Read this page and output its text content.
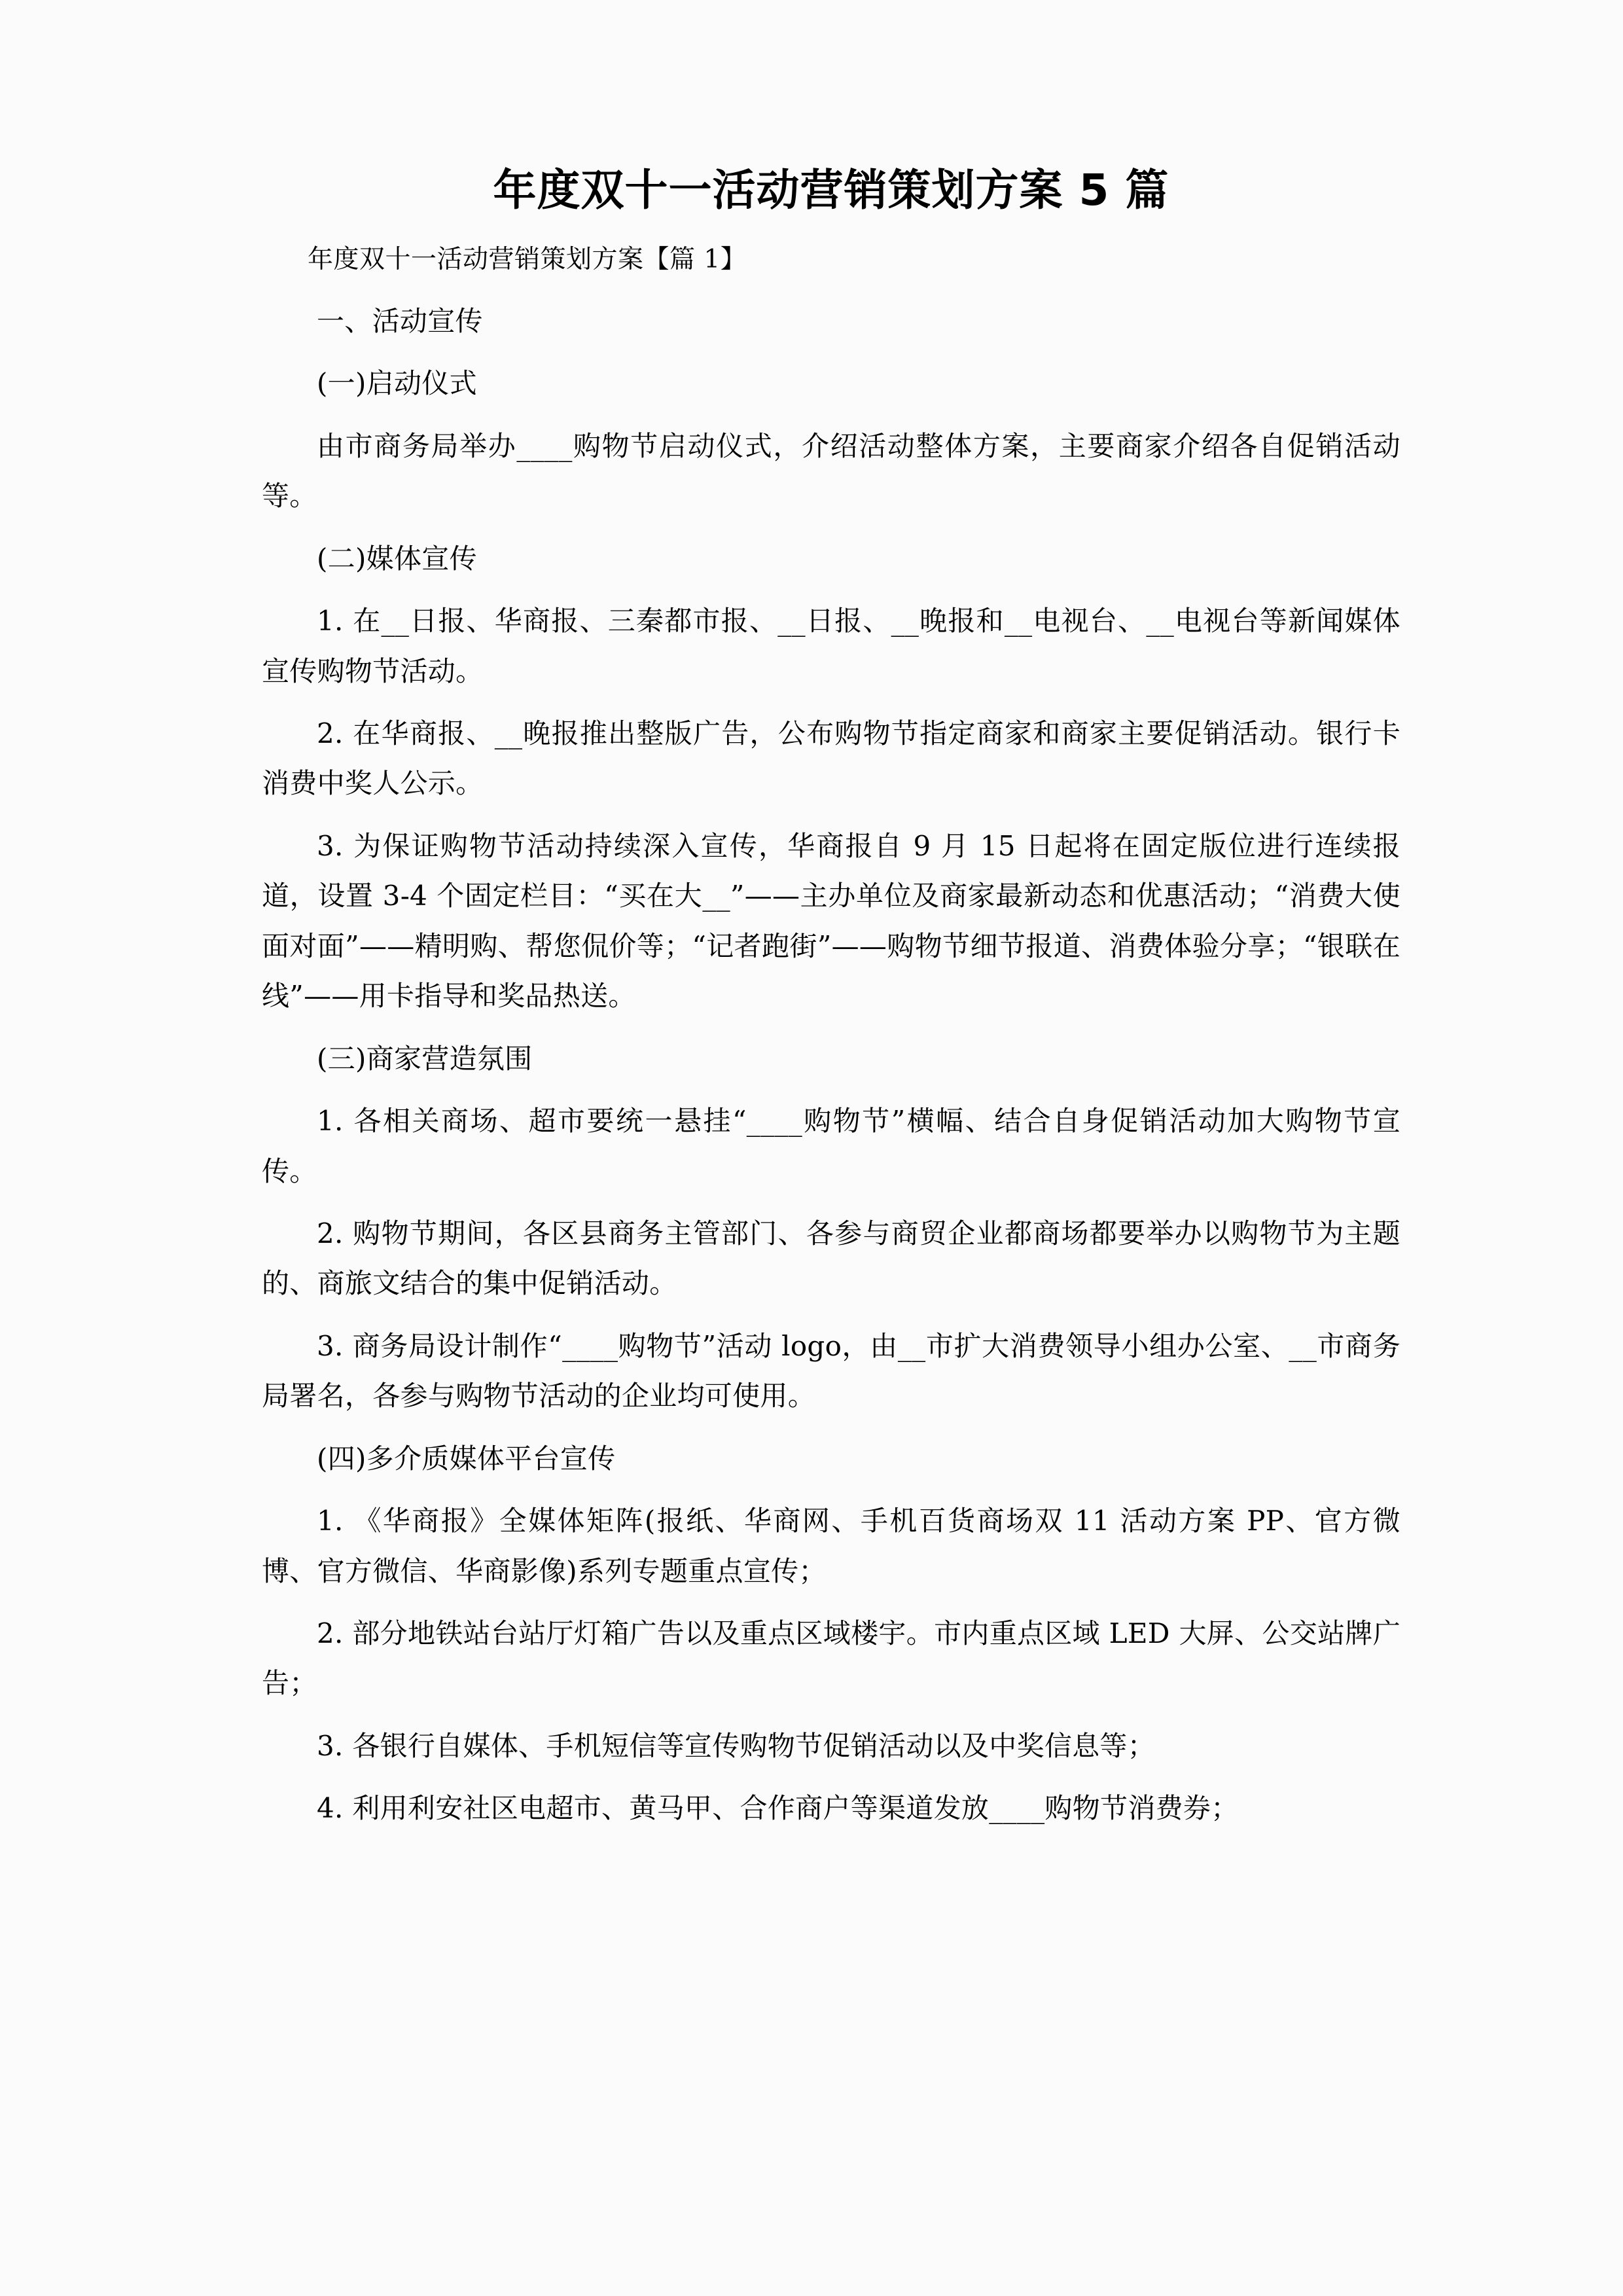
年度双十一活动营销策划方案 5 篇
年度双十一活动营销策划方案【篇 1】

一、活动宣传

(一)启动仪式

由市商务局举办____购物节启动仪式，介绍活动整体方案，主要商家介绍各自促销活动等。

(二)媒体宣传

1. 在__日报、华商报、三秦都市报、__日报、__晚报和__电视台、__电视台等新闻媒体宣传购物节活动。

2. 在华商报、__晚报推出整版广告，公布购物节指定商家和商家主要促销活动。银行卡消费中奖人公示。

3. 为保证购物节活动持续深入宣传，华商报自 9 月 15 日起将在固定版位进行连续报道，设置 3-4 个固定栏目：“买在大__”——主办单位及商家最新动态和优惠活动；“消费大使面对面”——精明购、帮您侃价等；“记者跑街”——购物节细节报道、消费体验分享；“银联在线”——用卡指导和奖品热送。

(三)商家营造氛围

1. 各相关商场、超市要统一悬挂“____购物节”横幅、结合自身促销活动加大购物节宣传。

2. 购物节期间，各区县商务主管部门、各参与商贸企业都商场都要举办以购物节为主题的、商旅文结合的集中促销活动。

3. 商务局设计制作“____购物节”活动 logo，由__市扩大消费领导小组办公室、__市商务局署名，各参与购物节活动的企业均可使用。

(四)多介质媒体平台宣传

1. 《华商报》全媒体矩阵(报纸、华商网、手机百货商场双 11 活动方案 PP、官方微博、官方微信、华商影像)系列专题重点宣传；

2. 部分地铁站台站厅灯箱广告以及重点区域楼宇。市内重点区域 LED 大屏、公交站牌广告；

3. 各银行自媒体、手机短信等宣传购物节促销活动以及中奖信息等；

4. 利用利安社区电超市、黄马甲、合作商户等渠道发放____购物节消费券；
